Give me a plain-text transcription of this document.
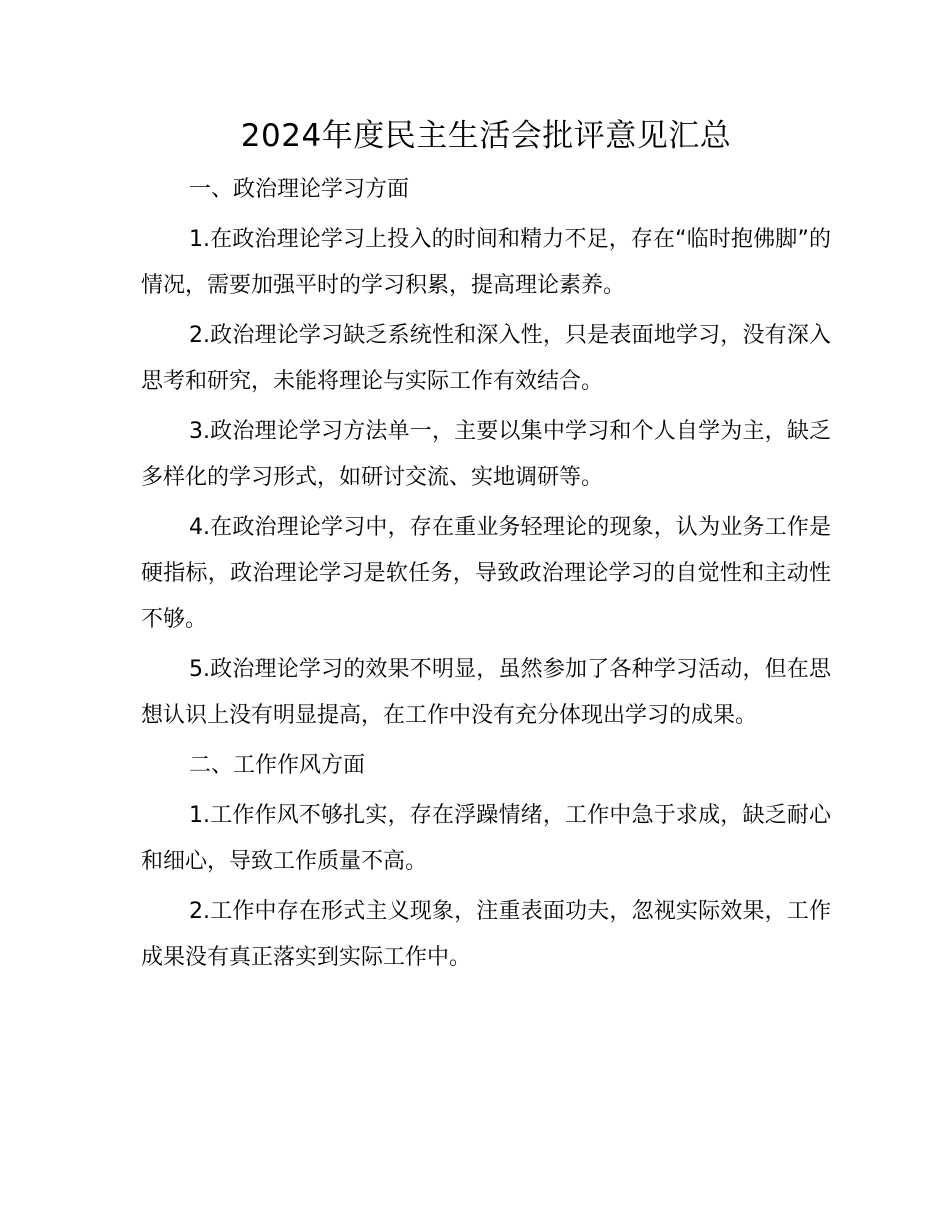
2024年度民主生活会批评意见汇总
一、政治理论学习方面

1.在政治理论学习上投入的时间和精力不足，存在“临时抱佛脚”的情况，需要加强平时的学习积累，提高理论素养。

2.政治理论学习缺乏系统性和深入性，只是表面地学习，没有深入思考和研究，未能将理论与实际工作有效结合。

3.政治理论学习方法单一，主要以集中学习和个人自学为主，缺乏多样化的学习形式，如研讨交流、实地调研等。

4.在政治理论学习中，存在重业务轻理论的现象，认为业务工作是硬指标，政治理论学习是软任务，导致政治理论学习的自觉性和主动性不够。

5.政治理论学习的效果不明显，虽然参加了各种学习活动，但在思想认识上没有明显提高，在工作中没有充分体现出学习的成果。

二、工作作风方面

1.工作作风不够扎实，存在浮躁情绪，工作中急于求成，缺乏耐心和细心，导致工作质量不高。

2.工作中存在形式主义现象，注重表面功夫，忽视实际效果，工作成果没有真正落实到实际工作中。
